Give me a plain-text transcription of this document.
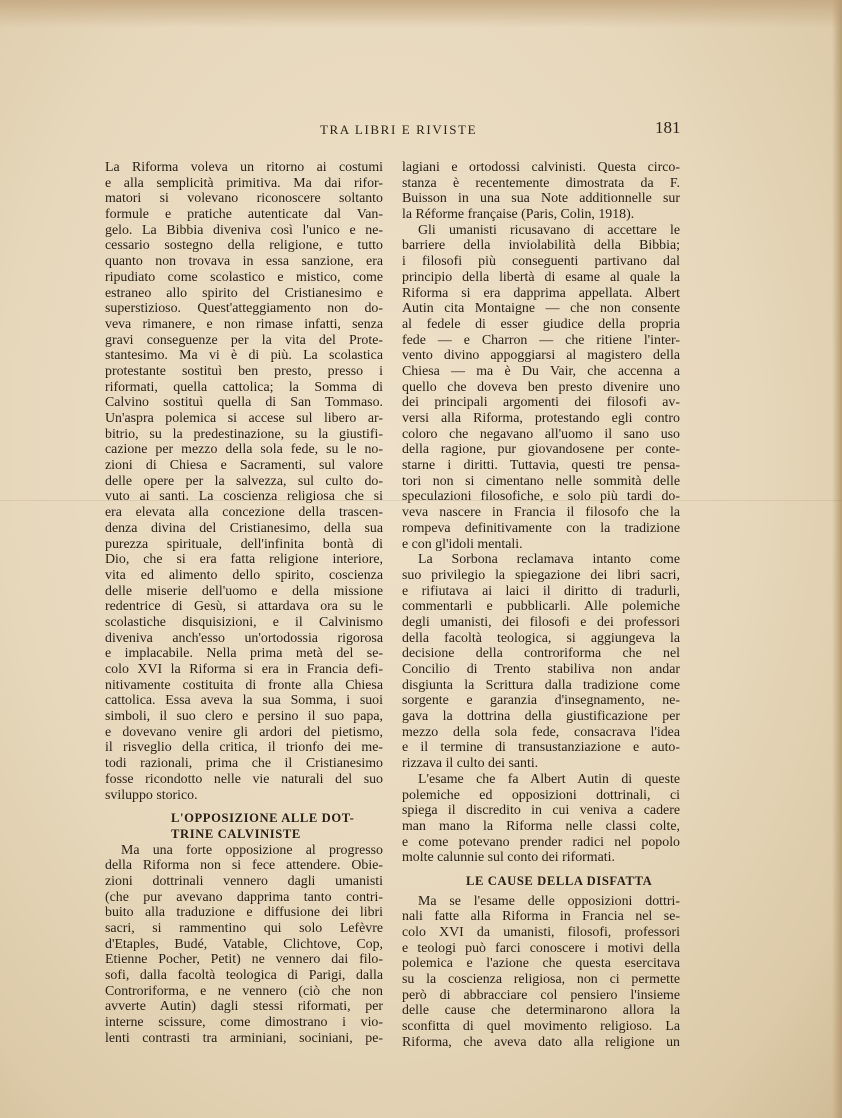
TRA LIBRI E RIVISTE	181
La Riforma voleva un ritorno ai costumi
e alla semplicità primitiva. Ma dai rifor-
matori si volevano riconoscere soltanto
formule e pratiche autenticate dal Van-
gelo. La Bibbia diveniva così l'unico e ne-
cessario sostegno della religione, e tutto
quanto non trovava in essa sanzione, era
ripudiato come scolastico e mistico, come
estraneo allo spirito del Cristianesimo e
superstizioso. Quest'atteggiamento non do-
veva rimanere, e non rimase infatti, senza
gravi conseguenze per la vita del Prote-
stantesimo. Ma vi è di più. La scolastica
protestante sostituì ben presto, presso i
riformati, quella cattolica; la Somma di
Calvino sostituì quella di San Tommaso.
Un'aspra polemica si accese sul libero ar-
bitrio, su la predestinazione, su la giustifi-
cazione per mezzo della sola fede, su le no-
zioni di Chiesa e Sacramenti, sul valore
delle opere per la salvezza, sul culto do-
vuto ai santi. La coscienza religiosa che si
era elevata alla concezione della trascen-
denza divina del Cristianesimo, della sua
purezza spirituale, dell'infinita bontà di
Dio, che si era fatta religione interiore,
vita ed alimento dello spirito, coscienza
delle miserie dell'uomo e della missione
redentrice di Gesù, si attardava ora su le
scolastiche disquisizioni, e il Calvinismo
diveniva anch'esso un'ortodossia rigorosa
e implacabile. Nella prima metà del se-
colo XVI la Riforma si era in Francia defi-
nitivamente costituita di fronte alla Chiesa
cattolica. Essa aveva la sua Somma, i suoi
simboli, il suo clero e persino il suo papa,
e dovevano venire gli ardori del pietismo,
il risveglio della critica, il trionfo dei me-
todi razionali, prima che il Cristianesimo
fosse ricondotto nelle vie naturali del suo
sviluppo storico.
L'OPPOSIZIONE ALLE DOT-
TRINE CALVINISTE
Ma una forte opposizione al progresso
della Riforma non si fece attendere. Obie-
zioni dottrinali vennero dagli umanisti
(che pur avevano dapprima tanto contri-
buito alla traduzione e diffusione dei libri
sacri, si rammentino qui solo Lefèvre
d'Etaples, Budé, Vatable, Clichtove, Cop,
Etienne Pocher, Petit) ne vennero dai filo-
sofi, dalla facoltà teologica di Parigi, dalla
Controriforma, e ne vennero (ciò che non
avverte Autin) dagli stessi riformati, per
interne scissure, come dimostrano i vio-
lenti contrasti tra arminiani, sociniani, pe-
lagiani e ortodossi calvinisti. Questa circo-
stanza è recentemente dimostrata da F.
Buisson in una sua Note additionnelle sur
la Réforme française (Paris, Colin, 1918).
Gli umanisti ricusavano di accettare le
barriere della inviolabilità della Bibbia;
i filosofi più conseguenti partivano dal
principio della libertà di esame al quale la
Riforma si era dapprima appellata. Albert
Autin cita Montaigne — che non consente
al fedele di esser giudice della propria
fede — e Charron — che ritiene l'inter-
vento divino appoggiarsi al magistero della
Chiesa — ma è Du Vair, che accenna a
quello che doveva ben presto divenire uno
dei principali argomenti dei filosofi av-
versi alla Riforma, protestando egli contro
coloro che negavano all'uomo il sano uso
della ragione, pur giovandosene per conte-
starne i diritti. Tuttavia, questi tre pensa-
tori non si cimentano nelle sommità delle
speculazioni filosofiche, e solo più tardi do-
veva nascere in Francia il filosofo che la
rompeva definitivamente con la tradizione
e con gl'idoli mentali.
La Sorbona reclamava intanto come
suo privilegio la spiegazione dei libri sacri,
e rifiutava ai laici il diritto di tradurli,
commentarli e pubblicarli. Alle polemiche
degli umanisti, dei filosofi e dei professori
della facoltà teologica, si aggiungeva la
decisione della controriforma che nel
Concilio di Trento stabiliva non andar
disgiunta la Scrittura dalla tradizione come
sorgente e garanzia d'insegnamento, ne-
gava la dottrina della giustificazione per
mezzo della sola fede, consacrava l'idea
e il termine di transustanziazione e auto-
rizzava il culto dei santi.
L'esame che fa Albert Autin di queste
polemiche ed opposizioni dottrinali, ci
spiega il discredito in cui veniva a cadere
man mano la Riforma nelle classi colte,
e come potevano prender radici nel popolo
molte calunnie sul conto dei riformati.
LE CAUSE DELLA DISFATTA
Ma se l'esame delle opposizioni dottri-
nali fatte alla Riforma in Francia nel se-
colo XVI da umanisti, filosofi, professori
e teologi può farci conoscere i motivi della
polemica e l'azione che questa esercitava
su la coscienza religiosa, non ci permette
però di abbracciare col pensiero l'insieme
delle cause che determinarono allora la
sconfitta di quel movimento religioso. La
Riforma, che aveva dato alla religione un
